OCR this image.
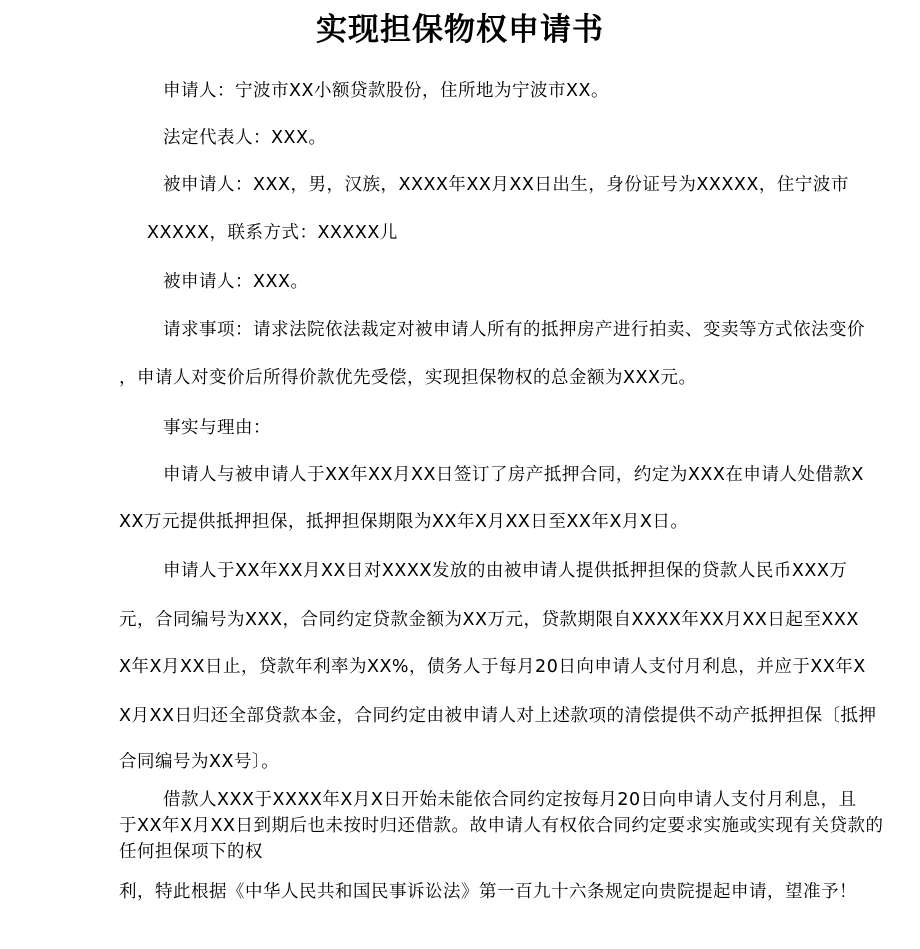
实现担保物权申请书
申请人：宁波市XX小额贷款股份，住所地为宁波市XX。
法定代表人：XXX。
被申请人：XXX，男，汉族，XXXX年XX月XX日出生，身份证号为XXXXX，住宁波市
XXXXX，联系方式：XXXXX儿
被申请人：XXX。
请求事项：请求法院依法裁定对被申请人所有的抵押房产进行拍卖、变卖等方式依法变价
，申请人对变价后所得价款优先受偿，实现担保物权的总金额为XXX元。
事实与理由：
申请人与被申请人于XX年XX月XX日签订了房产抵押合同，约定为XXX在申请人处借款X
XX万元提供抵押担保，抵押担保期限为XX年X月XX日至XX年X月X日。
申请人于XX年XX月XX日对XXXX发放的由被申请人提供抵押担保的贷款人民币XXX万
元，合同编号为XXX，合同约定贷款金额为XX万元，贷款期限自XXXX年XX月XX日起至XXX
X年X月XX日止，贷款年利率为XX%，债务人于每月20日向申请人支付月利息，并应于XX年X
X月XX日归还全部贷款本金，合同约定由被申请人对上述款项的清偿提供不动产抵押担保〔抵押
合同编号为XX号〕。
借款人XXX于XXXX年X月X日开始未能依合同约定按每月20日向申请人支付月利息，且
于XX年X月XX日到期后也未按时归还借款。故申请人有权依合同约定要求实施或实现有关贷款的
任何担保项下的权
利，特此根据《中华人民共和国民事诉讼法》第一百九十六条规定向贵院提起申请，望准予！
